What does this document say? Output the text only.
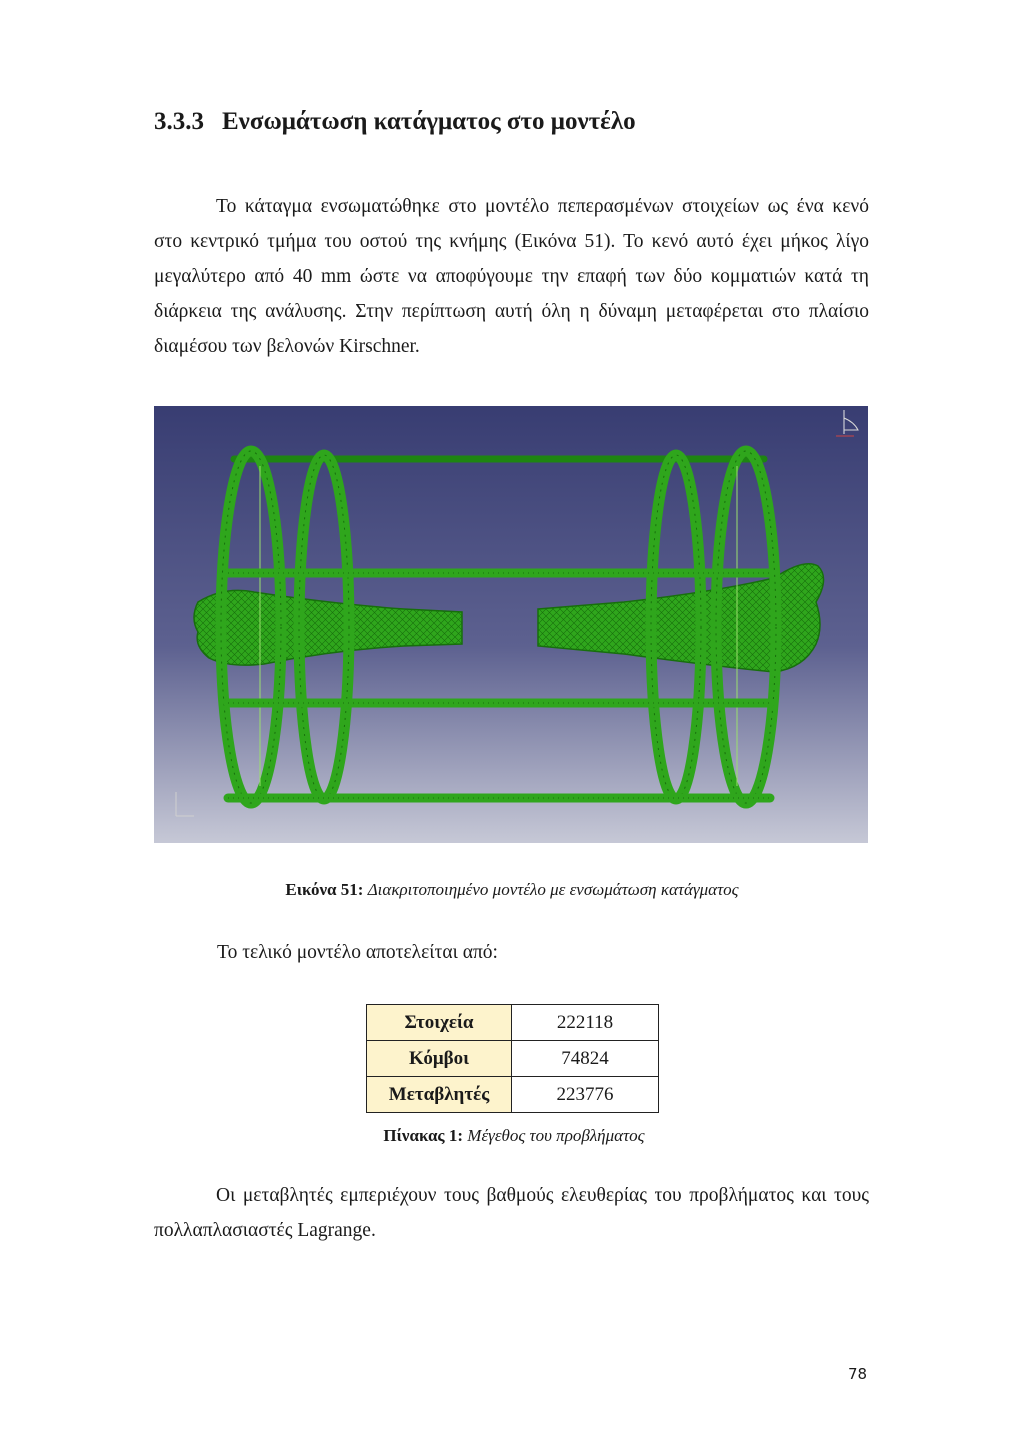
3.3.3 Ενσωμάτωση κατάγματος στο μοντέλο

Το κάταγμα ενσωματώθηκε στο μοντέλο πεπερασμένων στοιχείων ως ένα κενό στο κεντρικό τμήμα του οστού της κνήμης (Εικόνα 51). Το κενό αυτό έχει μήκος λίγο μεγαλύτερο από 40 mm ώστε να αποφύγουμε την επαφή των δύο κομματιών κατά τη διάρκεια της ανάλυσης. Στην περίπτωση αυτή όλη η δύναμη μεταφέρεται στο πλαίσιο διαμέσου των βελονών Kirschner.

Εικόνα 51: Διακριτοποιημένο μοντέλο με ενσωμάτωση κατάγματος

Το τελικό μοντέλο αποτελείται από:

Στοιχεία	222118
Κόμβοι	74824
Μεταβλητές	223776

Πίνακας 1: Μέγεθος του προβλήματος

Οι μεταβλητές εμπεριέχουν τους βαθμούς ελευθερίας του προβλήματος και τους πολλαπλασιαστές Lagrange.

78
